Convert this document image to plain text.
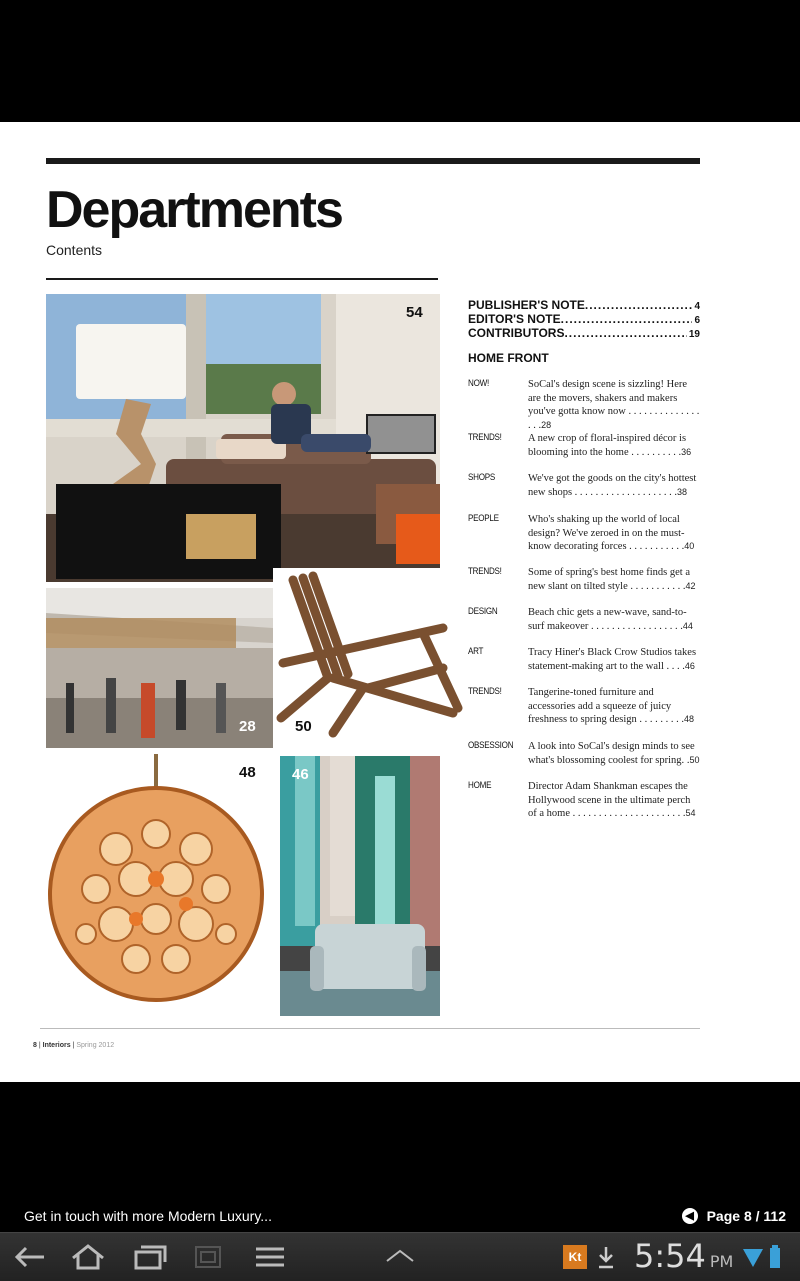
Departments
Contents
54
28	50
48 46
PUBLISHER'S NOTE .....	4
EDITOR'S NOTE .....	6
CONTRIBUTORS .....	19
HOME FRONT
NOW!	SoCal's design scene is sizzling! Here are the movers, shakers and makers you've gotta know now . . . . . . . . . . . . . . . . .28
TRENDS!	A new crop of floral-inspired décor is blooming into the home . . . . . . . . . .36
SHOPS	We've got the goods on the city's hottest new shops . . . . . . . . . . . . . . . . . . . .38
PEOPLE	Who's shaking up the world of local design? We've zeroed in on the must-know decorating forces . . . . . . . . . . .40
TRENDS!	Some of spring's best home finds get a new slant on tilted style . . . . . . . . . . .42
DESIGN	Beach chic gets a new-wave, sand-to-surf makeover . . . . . . . . . . . . . . . . . .44
ART	Tracy Hiner's Black Crow Studios takes statement-making art to the wall . . . .46
TRENDS!	Tangerine-toned furniture and accessories add a squeeze of juicy freshness to spring design . . . . . . . . .48
OBSESSION	A look into SoCal's design minds to see what's blossoming coolest for spring. .50
HOME	Director Adam Shankman escapes the Hollywood scene in the ultimate perch of a home . . . . . . . . . . . . . . . . . . . . . .54
8 | Interiors | Spring 2012
Get in touch with more Modern Luxury...	◀ Page 8 / 112
Kt 5:54 PM
